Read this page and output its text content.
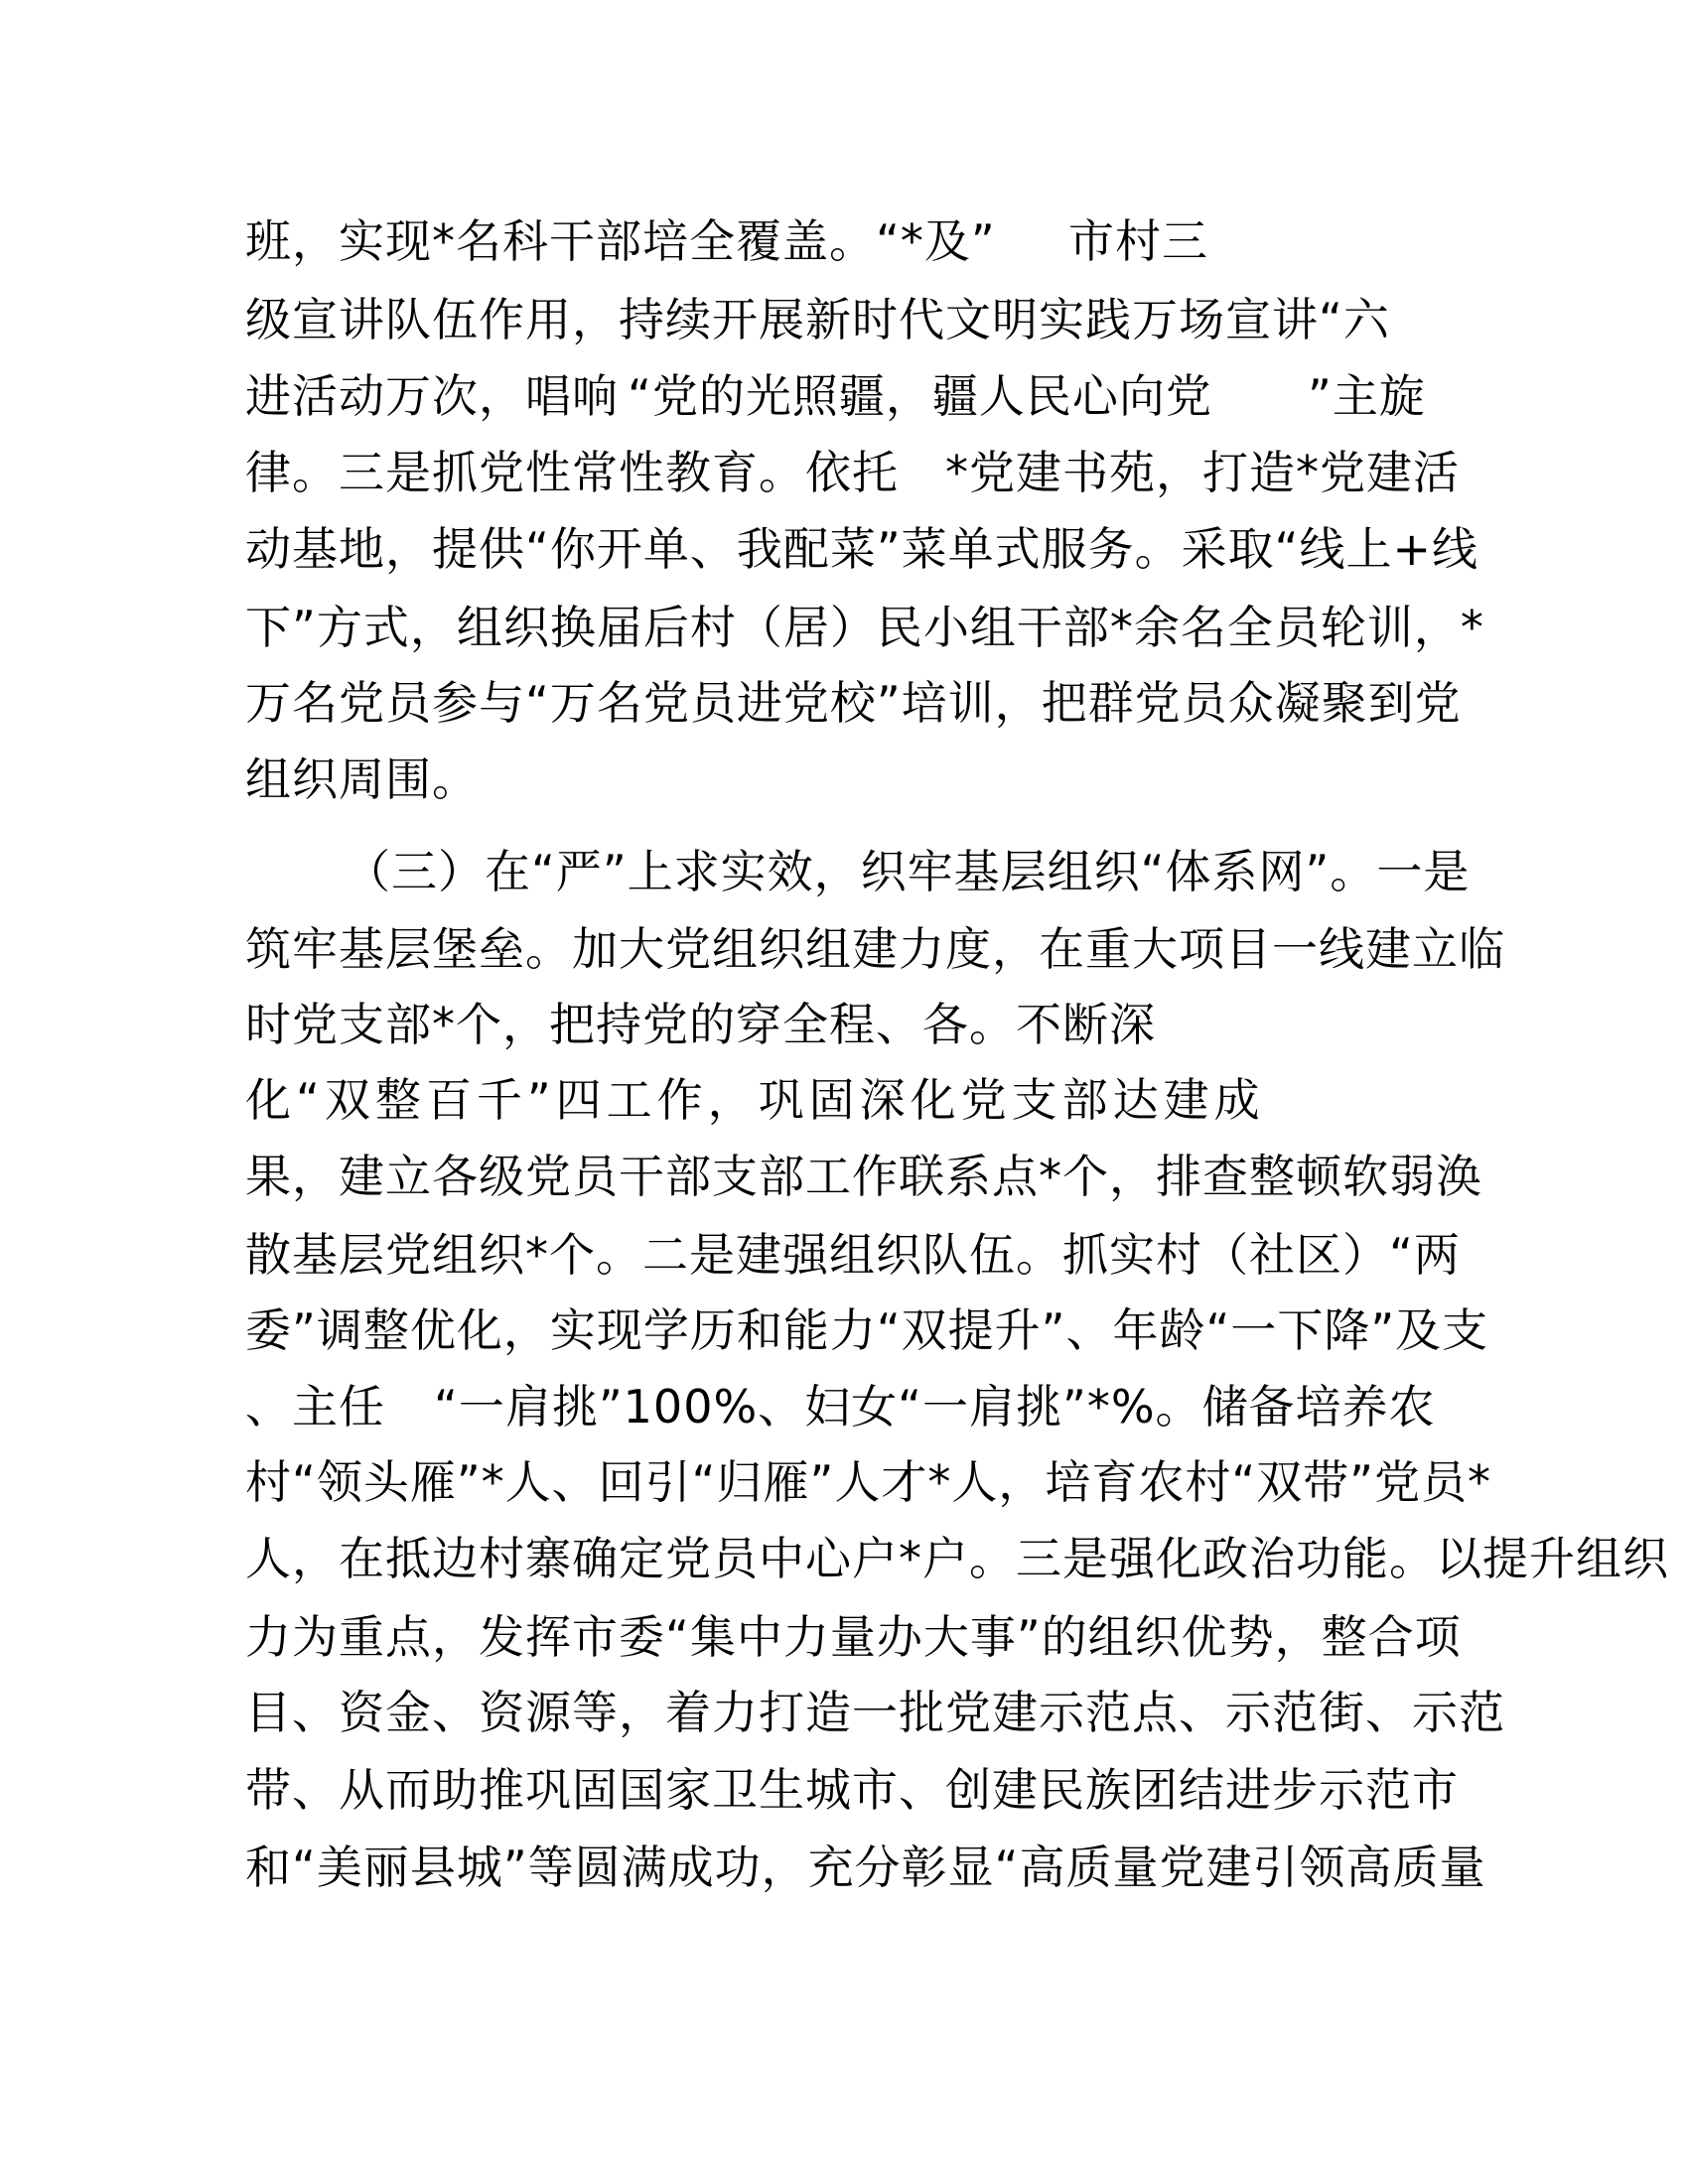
班，实现*名科干部培全覆盖。“*及” 市村三
级宣讲队伍作用，持续开展新时代文明实践万场宣讲“六
进活动万次，唱响 “党的光照疆，疆人民心向党 ”主旋
律。三是抓党性常性教育。依托 *党建书苑，打造*党建活
动基地，提供“你开单、我配菜”菜单式服务。采取“线上+线
下”方式，组织换届后村（居）民小组干部*余名全员轮训，*
万名党员参与“万名党员进党校”培训，把群党员众凝聚到党
组织周围。
（三）在“严”上求实效，织牢基层组织“体系网”。一是
筑牢基层堡垒。加大党组织组建力度，在重大项目一线建立临
时党支部*个，把持党的穿全程、各。不断深
化“双整百千”四工作，巩固深化党支部达建成
果，建立各级党员干部支部工作联系点*个，排查整顿软弱涣
散基层党组织*个。二是建强组织队伍。抓实村（社区）“两
委”调整优化，实现学历和能力“双提升”、年龄“一下降”及支
、主任 “一肩挑”100%、妇女“一肩挑”*%。储备培养农
村“领头雁”*人、回引“归雁”人才*人，培育农村“双带”党员*
人，在抵边村寨确定党员中心户*户。三是强化政治功能。以提升组织
力为重点，发挥市委“集中力量办大事”的组织优势，整合项
目、资金、资源等，着力打造一批党建示范点、示范街、示范
带、从而助推巩固国家卫生城市、创建民族团结进步示范市
和“美丽县城”等圆满成功，充分彰显“高质量党建引领高质量
